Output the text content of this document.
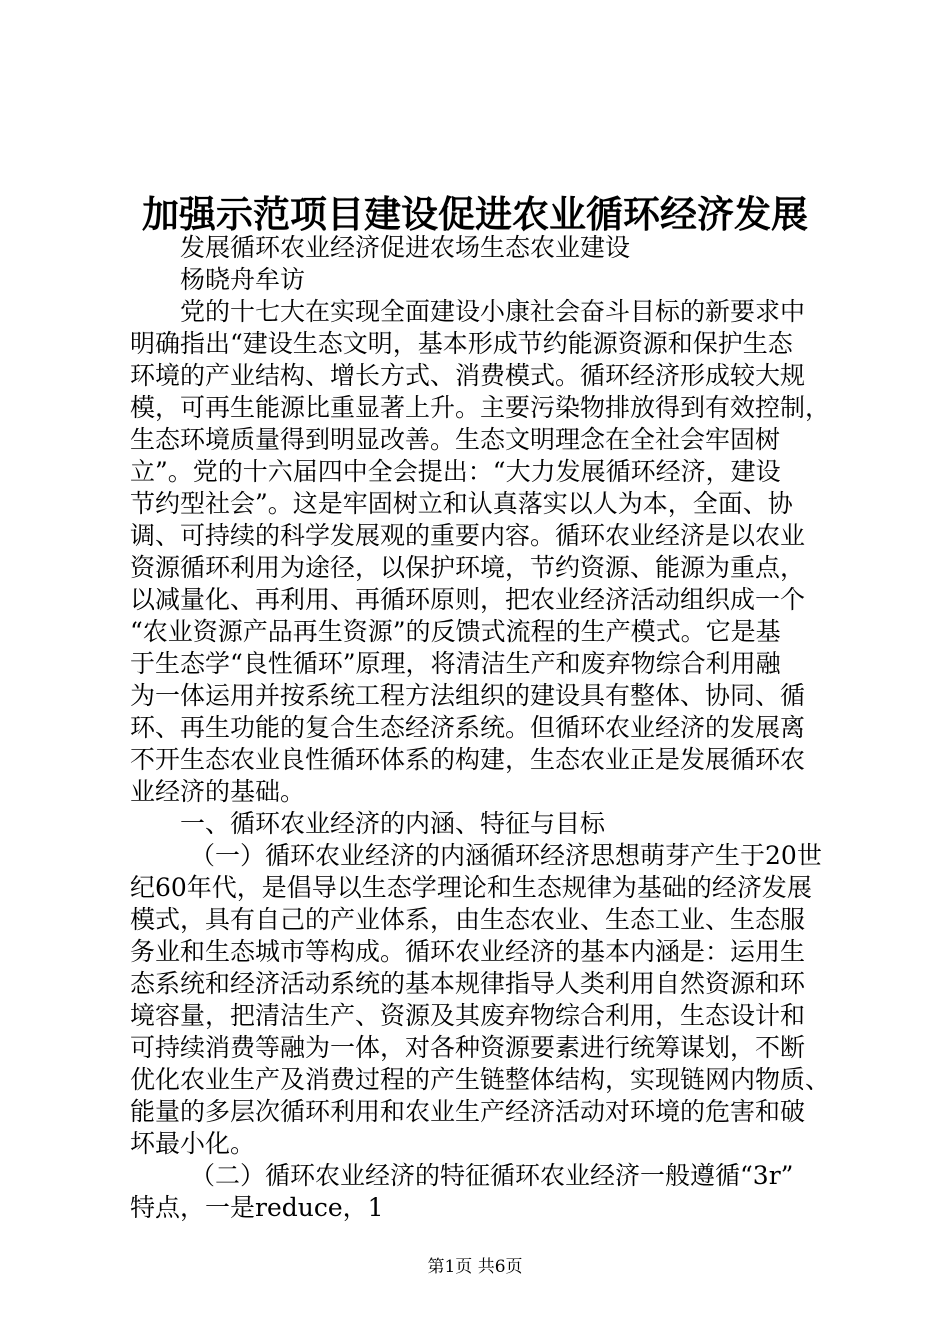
加强示范项目建设促进农业循环经济发展
发展循环农业经济促进农场生态农业建设
杨晓舟牟访
党的十七大在实现全面建设小康社会奋斗目标的新要求中
明确指出“建设生态文明，基本形成节约能源资源和保护生态
环境的产业结构、增长方式、消费模式。循环经济形成较大规
模，可再生能源比重显著上升。主要污染物排放得到有效控制，
生态环境质量得到明显改善。生态文明理念在全社会牢固树
立”。党的十六届四中全会提出：“大力发展循环经济，建设
节约型社会”。这是牢固树立和认真落实以人为本，全面、协
调、可持续的科学发展观的重要内容。循环农业经济是以农业
资源循环利用为途径，以保护环境，节约资源、能源为重点，
以减量化、再利用、再循环原则，把农业经济活动组织成一个
“农业资源产品再生资源”的反馈式流程的生产模式。它是基
于生态学“良性循环”原理，将清洁生产和废弃物综合利用融
为一体运用并按系统工程方法组织的建设具有整体、协同、循
环、再生功能的复合生态经济系统。但循环农业经济的发展离
不开生态农业良性循环体系的构建，生态农业正是发展循环农
业经济的基础。
一、循环农业经济的内涵、特征与目标
（一）循环农业经济的内涵循环经济思想萌芽产生于20世
纪60年代，是倡导以生态学理论和生态规律为基础的经济发展
模式，具有自己的产业体系，由生态农业、生态工业、生态服
务业和生态城市等构成。循环农业经济的基本内涵是：运用生
态系统和经济活动系统的基本规律指导人类利用自然资源和环
境容量，把清洁生产、资源及其废弃物综合利用，生态设计和
可持续消费等融为一体，对各种资源要素进行统筹谋划，不断
优化农业生产及消费过程的产生链整体结构，实现链网内物质、
能量的多层次循环利用和农业生产经济活动对环境的危害和破
坏最小化。
（二）循环农业经济的特征循环农业经济一般遵循“3r”
特点，一是reduce，1
第1页 共6页
